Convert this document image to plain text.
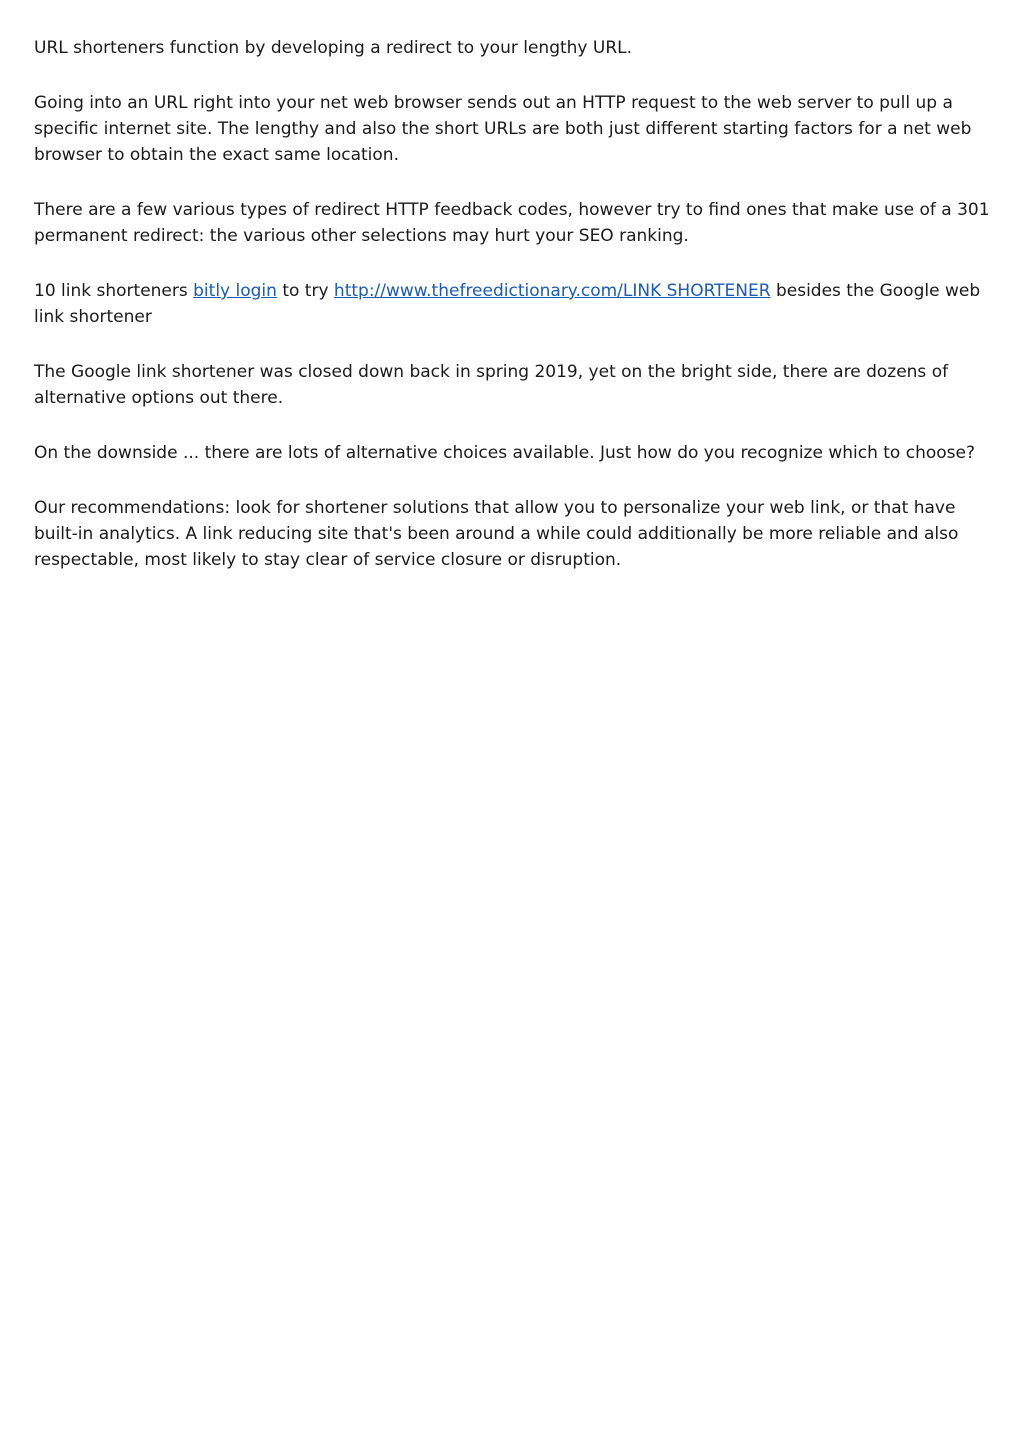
URL shorteners function by developing a redirect to your lengthy URL.

Going into an URL right into your net web browser sends out an HTTP request to the web server to pull up a specific internet site. The lengthy and also the short URLs are both just different starting factors for a net web browser to obtain the exact same location.

There are a few various types of redirect HTTP feedback codes, however try to find ones that make use of a 301 permanent redirect: the various other selections may hurt your SEO ranking.

10 link shorteners bitly login to try http://www.thefreedictionary.com/LINK SHORTENER besides the Google web link shortener

The Google link shortener was closed down back in spring 2019, yet on the bright side, there are dozens of alternative options out there.

On the downside ... there are lots of alternative choices available. Just how do you recognize which to choose?

Our recommendations: look for shortener solutions that allow you to personalize your web link, or that have built-in analytics. A link reducing site that's been around a while could additionally be more reliable and also respectable, most likely to stay clear of service closure or disruption.
